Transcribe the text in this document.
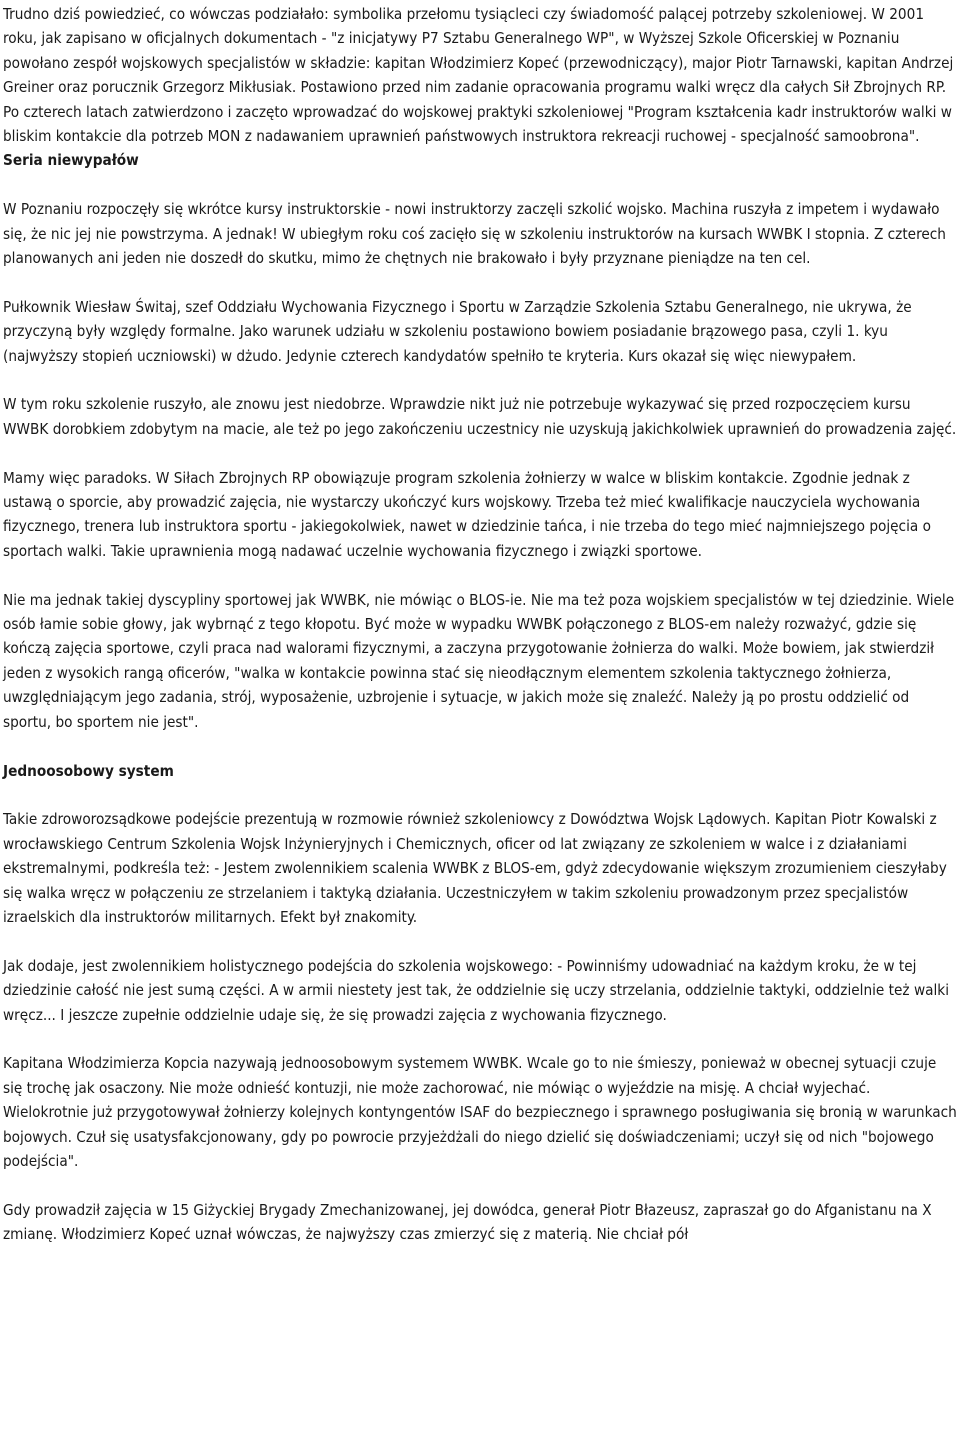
Trudno dziś powiedzieć, co wówczas podziałało: symbolika przełomu tysiącleci czy świadomość palącej potrzeby szkoleniowej. W 2001 roku, jak zapisano w oficjalnych dokumentach - "z inicjatywy P7 Sztabu Generalnego WP", w Wyższej Szkole Oficerskiej w Poznaniu powołano zespół wojskowych specjalistów w składzie: kapitan Włodzimierz Kopeć (przewodniczący), major Piotr Tarnawski, kapitan Andrzej Greiner oraz porucznik Grzegorz Mikłusiak. Postawiono przed nim zadanie opracowania programu walki wręcz dla całych Sił Zbrojnych RP. Po czterech latach zatwierdzono i zaczęto wprowadzać do wojskowej praktyki szkoleniowej "Program kształcenia kadr instruktorów walki w bliskim kontakcie dla potrzeb MON z nadawaniem uprawnień państwowych instruktora rekreacji ruchowej - specjalność samoobrona". Seria niewypałów

W Poznaniu rozpoczęły się wkrótce kursy instruktorskie - nowi instruktorzy zaczęli szkolić wojsko. Machina ruszyła z impetem i wydawało się, że nic jej nie powstrzyma. A jednak! W ubiegłym roku coś zacięło się w szkoleniu instruktorów na kursach WWBK I stopnia. Z czterech planowanych ani jeden nie doszedł do skutku, mimo że chętnych nie brakowało i były przyznane pieniądze na ten cel.

Pułkownik Wiesław Świtaj, szef Oddziału Wychowania Fizycznego i Sportu w Zarządzie Szkolenia Sztabu Generalnego, nie ukrywa, że przyczyną były względy formalne. Jako warunek udziału w szkoleniu postawiono bowiem posiadanie brązowego pasa, czyli 1. kyu (najwyższy stopień uczniowski) w dżudo. Jedynie czterech kandydatów spełniło te kryteria. Kurs okazał się więc niewypałem.

W tym roku szkolenie ruszyło, ale znowu jest niedobrze. Wprawdzie nikt już nie potrzebuje wykazywać się przed rozpoczęciem kursu WWBK dorobkiem zdobytym na macie, ale też po jego zakończeniu uczestnicy nie uzyskują jakichkolwiek uprawnień do prowadzenia zajęć.

Mamy więc paradoks. W Siłach Zbrojnych RP obowiązuje program szkolenia żołnierzy w walce w bliskim kontakcie. Zgodnie jednak z ustawą o sporcie, aby prowadzić zajęcia, nie wystarczy ukończyć kurs wojskowy. Trzeba też mieć kwalifikacje nauczyciela wychowania fizycznego, trenera lub instruktora sportu - jakiegokolwiek, nawet w dziedzinie tańca, i nie trzeba do tego mieć najmniejszego pojęcia o sportach walki. Takie uprawnienia mogą nadawać uczelnie wychowania fizycznego i związki sportowe.

Nie ma jednak takiej dyscypliny sportowej jak WWBK, nie mówiąc o BLOS-ie. Nie ma też poza wojskiem specjalistów w tej dziedzinie. Wiele osób łamie sobie głowy, jak wybrnąć z tego kłopotu. Być może w wypadku WWBK połączonego z BLOS-em należy rozważyć, gdzie się kończą zajęcia sportowe, czyli praca nad walorami fizycznymi, a zaczyna przygotowanie żołnierza do walki. Może bowiem, jak stwierdził jeden z wysokich rangą oficerów, "walka w kontakcie powinna stać się nieodłącznym elementem szkolenia taktycznego żołnierza, uwzględniającym jego zadania, strój, wyposażenie, uzbrojenie i sytuacje, w jakich może się znaleźć. Należy ją po prostu oddzielić od sportu, bo sportem nie jest".

Jednoosobowy system

Takie zdroworozsądkowe podejście prezentują w rozmowie również szkoleniowcy z Dowództwa Wojsk Lądowych. Kapitan Piotr Kowalski z wrocławskiego Centrum Szkolenia Wojsk Inżynieryjnych i Chemicznych, oficer od lat związany ze szkoleniem w walce i z działaniami ekstremalnymi, podkreśla też: - Jestem zwolennikiem scalenia WWBK z BLOS-em, gdyż zdecydowanie większym zrozumieniem cieszyłaby się walka wręcz w połączeniu ze strzelaniem i taktyką działania. Uczestniczyłem w takim szkoleniu prowadzonym przez specjalistów izraelskich dla instruktorów militarnych. Efekt był znakomity.

Jak dodaje, jest zwolennikiem holistycznego podejścia do szkolenia wojskowego: - Powinniśmy udowadniać na każdym kroku, że w tej dziedzinie całość nie jest sumą części. A w armii niestety jest tak, że oddzielnie się uczy strzelania, oddzielnie taktyki, oddzielnie też walki wręcz... I jeszcze zupełnie oddzielnie udaje się, że się prowadzi zajęcia z wychowania fizycznego.

Kapitana Włodzimierza Kopcia nazywają jednoosobowym systemem WWBK. Wcale go to nie śmieszy, ponieważ w obecnej sytuacji czuje się trochę jak osaczony. Nie może odnieść kontuzji, nie może zachorować, nie mówiąc o wyjeździe na misję. A chciał wyjechać. Wielokrotnie już przygotowywał żołnierzy kolejnych kontyngentów ISAF do bezpiecznego i sprawnego posługiwania się bronią w warunkach bojowych. Czuł się usatysfakcjonowany, gdy po powrocie przyjeżdżali do niego dzielić się doświadczeniami; uczył się od nich "bojowego podejścia".

Gdy prowadził zajęcia w 15 Giżyckiej Brygady Zmechanizowanej, jej dowódca, generał Piotr Błazeusz, zapraszał go do Afganistanu na X zmianę. Włodzimierz Kopeć uznał wówczas, że najwyższy czas zmierzyć się z materią. Nie chciał pół
